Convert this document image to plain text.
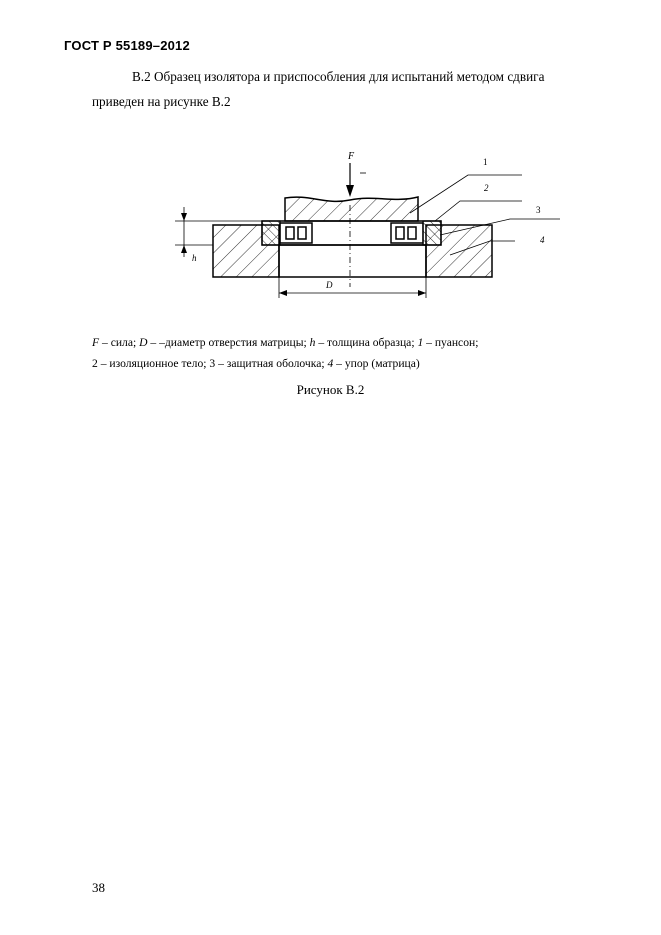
ГОСТ Р 55189–2012
В.2 Образец изолятора и приспособления для испытаний методом сдвига
приведен на рисунке В.2
F
h
D
1
2
3
4
F – сила; D – –диаметр отверстия матрицы; h – толщина образца; 1 – пуансон;
2 – изоляционное тело; 3 – защитная оболочка; 4 – упор (матрица)
Рисунок В.2
38
